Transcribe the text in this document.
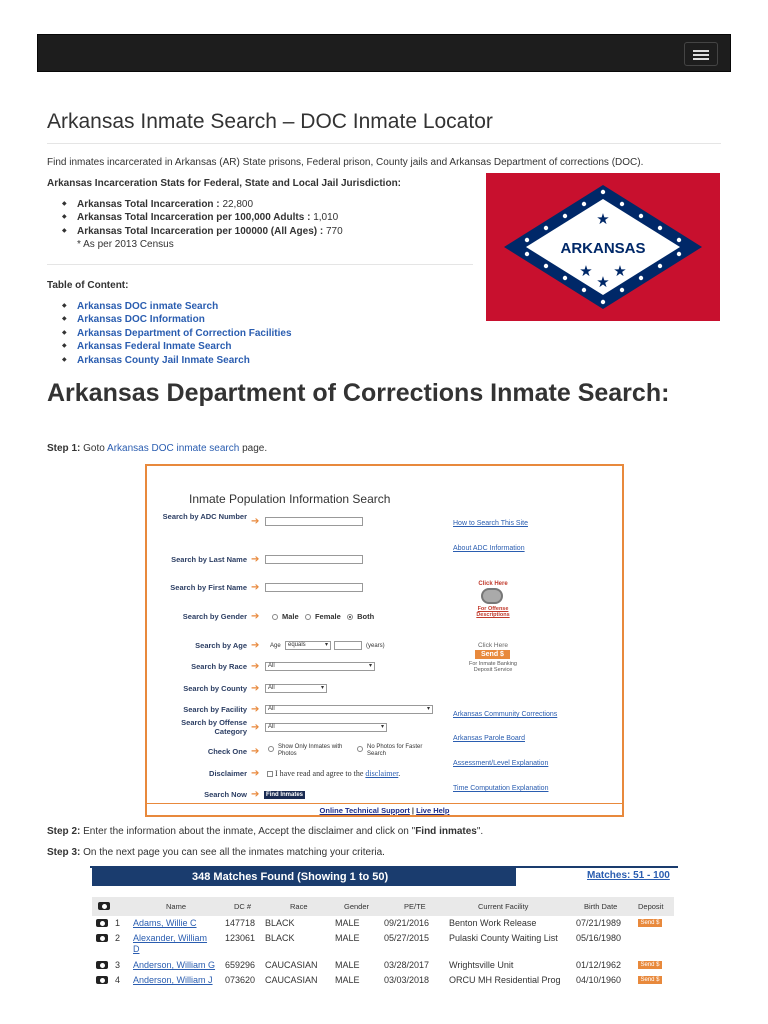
Arkansas Inmate Search – DOC Inmate Locator
Find inmates incarcerated in Arkansas (AR) State prisons, Federal prison, County jails and Arkansas Department of corrections (DOC).
Arkansas Incarceration Stats for Federal, State and Local Jail Jurisdiction:
◆ Arkansas Total Incarceration : 22,800
◆ Arkansas Total Incarceration per 100,000 Adults : 1,010
◆ Arkansas Total Incarceration per 100000 (All Ages) : 770
* As per 2013 Census
★
★ ★
★
ARKANSAS
Table of Content:
◆ Arkansas DOC inmate Search
◆ Arkansas DOC Information
◆ Arkansas Department of Correction Facilities
◆ Arkansas Federal Inmate Search
◆ Arkansas County Jail Inmate Search
Arkansas Department of Corrections Inmate Search:
Step 1: Goto Arkansas DOC inmate search page.
Inmate Population Information Search
Search by ADC Number ➔
Search by Last Name ➔
Search by First Name ➔
Search by Gender ➔	Male Female Both
Search by Age ➔	Age	equals ▾	(years)
Search by Race ➔	All ▾
Search by County ➔	All ▾
Search by Facility ➔	All ▾
Search by Offense Category ➔	All ▾
Check One ➔	Show Only Inmates with Photos
No Photos for Faster Search
Disclaimer ➔	I have read and agree to the disclaimer.
Search Now ➔	Find Inmates
How to Search This Site
About ADC Information
Click Here
For Offense Descriptions
Click Here
Send $
For Inmate Banking Deposit Service
Arkansas Community Corrections
Arkansas Parole Board
Assessment/Level Explanation
Time Computation Explanation
Online Technical Support | Live Help
Step 2: Enter the information about the inmate, Accept the disclaimer and click on "Find inmates".
Step 3: On the next page you can see all the inmates matching your criteria.
348 Matches Found (Showing 1 to 50)	Matches: 51 - 100
Name	DC #	Race	Gender	PE/TE	Current Facility	Birth Date	Deposit
1 Adams, Willie C	147718 BLACK	MALE	09/21/2016 Benton Work Release	07/21/1989	Send $
2 Alexander, William
D
123061 BLACK	MALE	05/27/2015 Pulaski County Waiting List 05/16/1980
3 Anderson, William G 659296 CAUCASIAN MALE	03/28/2017 Wrightsville Unit	01/12/1962	Send $
4 Anderson, William J 073620 CAUCASIAN MALE	03/03/2018 ORCU MH Residential Prog 04/10/1960	Send $
